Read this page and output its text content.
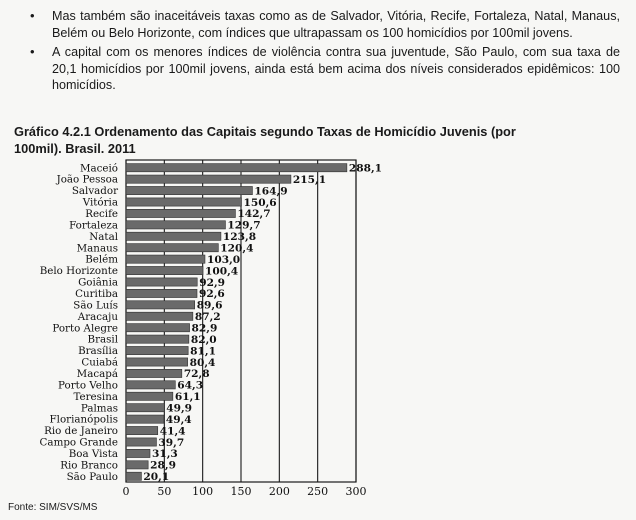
• Mas também são inaceitáveis taxas como as de Salvador, Vitória, Recife, Fortaleza, Natal, Manaus, Belém ou Belo Horizonte, com índices que ultrapassam os 100 homicídios por 100mil jovens.
• A capital com os menores índices de violência contra sua juventude, São Paulo, com sua taxa de 20,1 homicídios por 100mil jovens, ainda está bem acima dos níveis considerados epidêmicos: 100 homicídios.

Gráfico 4.2.1 Ordenamento das Capitais segundo Taxas de Homicídio Juvenis (por 100mil). Brasil. 2011

Maceió	288,1
João Pessoa	215,1
Salvador	164,9
Vitória	150,6
Recife	142,7
Fortaleza	129,7
Natal	123,8
Manaus	120,4
Belém	103,0
Belo Horizonte	100,4
Goiânia	92,9
Curitiba	92,6
São Luís	89,6
Aracaju	87,2
Porto Alegre	82,9
Brasil	82,0
Brasília	81,1
Cuiabá	80,4
Macapá	72,8
Porto Velho	64,3
Teresina	61,1
Palmas	49,9
Florianópolis	49,4
Rio de Janeiro	41,4
Campo Grande	39,7
Boa Vista	31,3
Rio Branco	28,9
São Paulo 20,1
0	50 100 150 200 250 300
Fonte: SIM/SVS/MS
